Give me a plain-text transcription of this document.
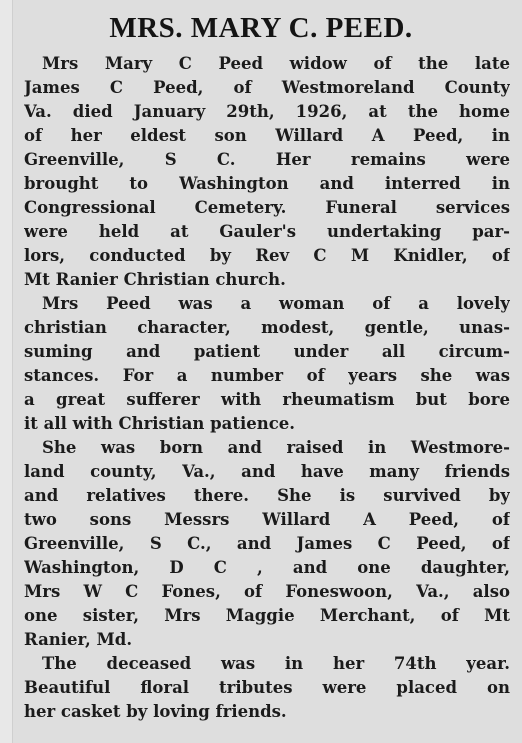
MRS. MARY C. PEED.
Mrs Mary C Peed widow of the late
James C Peed, of Westmoreland County
Va. died January 29th, 1926, at the home
of her eldest son Willard A Peed, in
Greenville, S C. Her remains were
brought to Washington and interred in
Congressional Cemetery. Funeral services
were held at Gauler's undertaking par-
lors, conducted by Rev C M Knidler, of
Mt Ranier Christian church.
Mrs Peed was a woman of a lovely
christian character, modest, gentle, unas-
suming and patient under all circum-
stances. For a number of years she was
a great sufferer with rheumatism but bore
it all with Christian patience.
She was born and raised in Westmore-
land county, Va., and have many friends
and relatives there. She is survived by
two sons Messrs Willard A Peed, of
Greenville, S C., and James C Peed, of
Washington, D C , and one daughter,
Mrs W C Fones, of Foneswoon, Va., also
one sister, Mrs Maggie Merchant, of Mt
Ranier, Md.
The deceased was in her 74th year.
Beautiful floral tributes were placed on
her casket by loving friends.
